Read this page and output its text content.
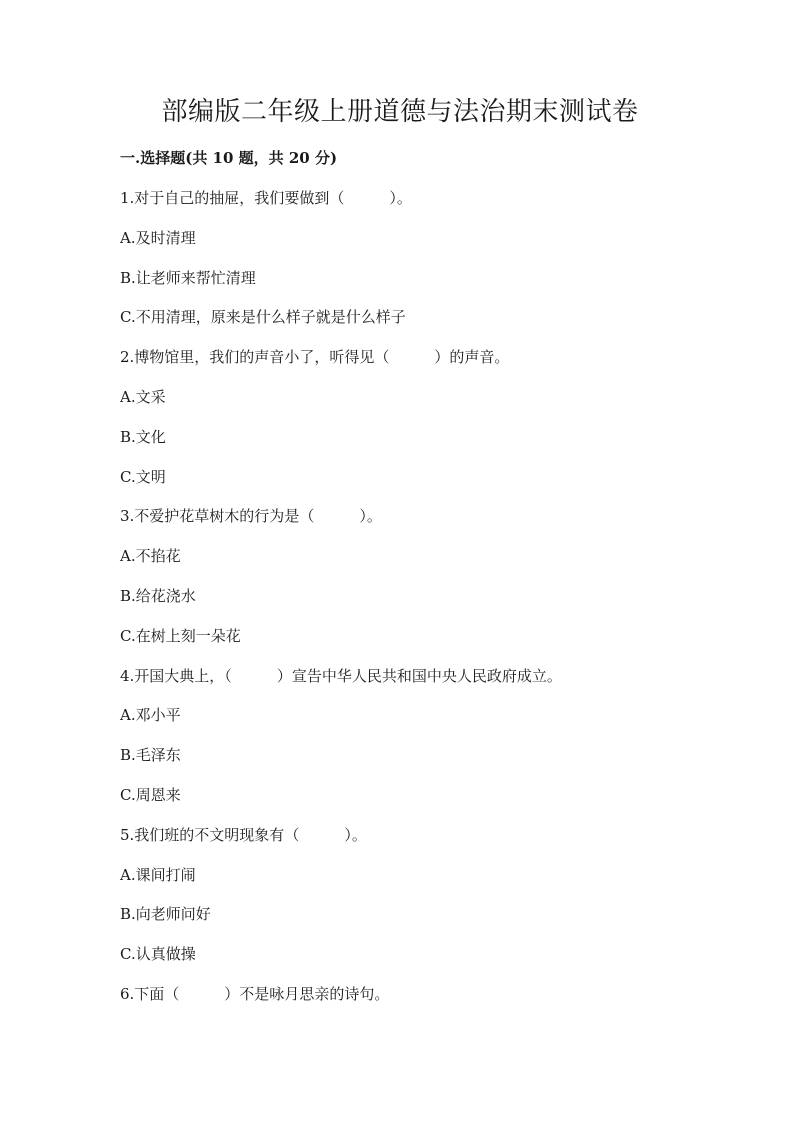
部编版二年级上册道德与法治期末测试卷
一.选择题(共 10 题，共 20 分)
1.对于自己的抽屉，我们要做到（　　　）。
A.及时清理
B.让老师来帮忙清理
C.不用清理，原来是什么样子就是什么样子
2.博物馆里，我们的声音小了，听得见（　　　）的声音。
A.文采
B.文化
C.文明
3.不爱护花草树木的行为是（　　　）。
A.不掐花
B.给花浇水
C.在树上刻一朵花
4.开国大典上，（　　　）宣告中华人民共和国中央人民政府成立。
A.邓小平
B.毛泽东
C.周恩来
5.我们班的不文明现象有（　　　）。
A.课间打闹
B.向老师问好
C.认真做操
6.下面（　　　）不是咏月思亲的诗句。
